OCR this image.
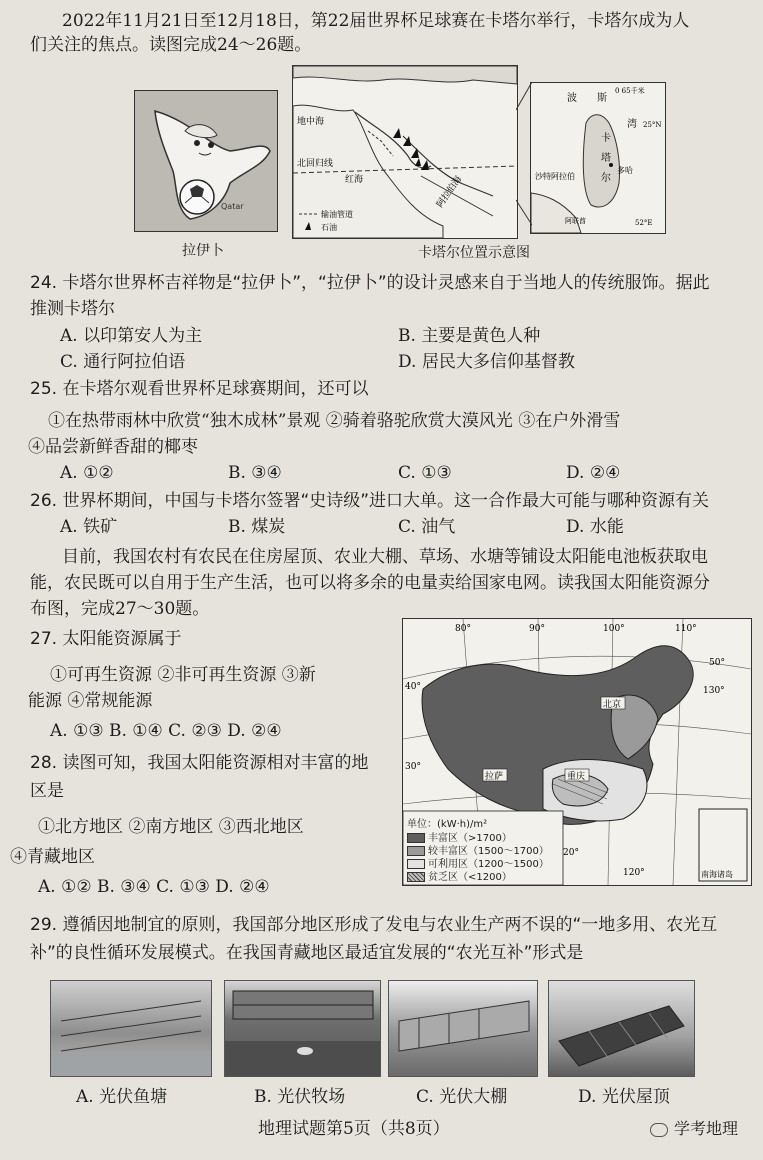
2022年11月21日至12月18日，第22届世界杯足球赛在卡塔尔举行，卡塔尔成为人
们关注的焦点。读图完成24～26题。
Qatar
拉伊卜
地中海
北回归线
红海	阿拉伯海
输油管道
石油
波 斯
湾
卡
塔
尔
多哈
沙特阿拉伯
阿联酋
0 65千米
25°N
52°E
卡塔尔位置示意图
24. 卡塔尔世界杯吉祥物是“拉伊卜”，“拉伊卜”的设计灵感来自于当地人的传统服饰。据此
推测卡塔尔
A. 以印第安人为主	B. 主要是黄色人种
C. 通行阿拉伯语	D. 居民大多信仰基督教
25. 在卡塔尔观看世界杯足球赛期间，还可以
①在热带雨林中欣赏“独木成林”景观 ②骑着骆驼欣赏大漠风光 ③在户外滑雪
④品尝新鲜香甜的椰枣
A. ①②	B. ③④	C. ①③	D. ②④
26. 世界杯期间，中国与卡塔尔签署“史诗级”进口大单。这一合作最大可能与哪种资源有关
A. 铁矿	B. 煤炭	C. 油气	D. 水能
目前，我国农村有农民在住房屋顶、农业大棚、草场、水塘等铺设太阳能电池板获取电
能，农民既可以自用于生产生活，也可以将多余的电量卖给国家电网。读我国太阳能资源分
布图，完成27～30题。
27. 太阳能资源属于
①可再生资源 ②非可再生资源 ③新
能源 ④常规能源
A. ①③ B. ①④ C. ②③ D. ②④
28. 读图可知，我国太阳能资源相对丰富的地
区是
①北方地区 ②南方地区 ③西北地区
④青藏地区
A. ①② B. ③④ C. ①③ D. ②④
北京
拉萨	重庆
80°	90°	100°	110°
120°
130°
50°
40°
30°
20°
南海诸岛
单位：(kW·h)/m²
丰富区（>1700）
较丰富区（1500～1700）
可利用区（1200～1500）
贫乏区（<1200）
29. 遵循因地制宜的原则，我国部分地区形成了发电与农业生产两不误的“一地多用、农光互
补”的良性循环发展模式。在我国青藏地区最适宜发展的“农光互补”形式是
A. 光伏鱼塘	B. 光伏牧场	C. 光伏大棚	D. 光伏屋顶
地理试题第5页（共8页）	学考地理
